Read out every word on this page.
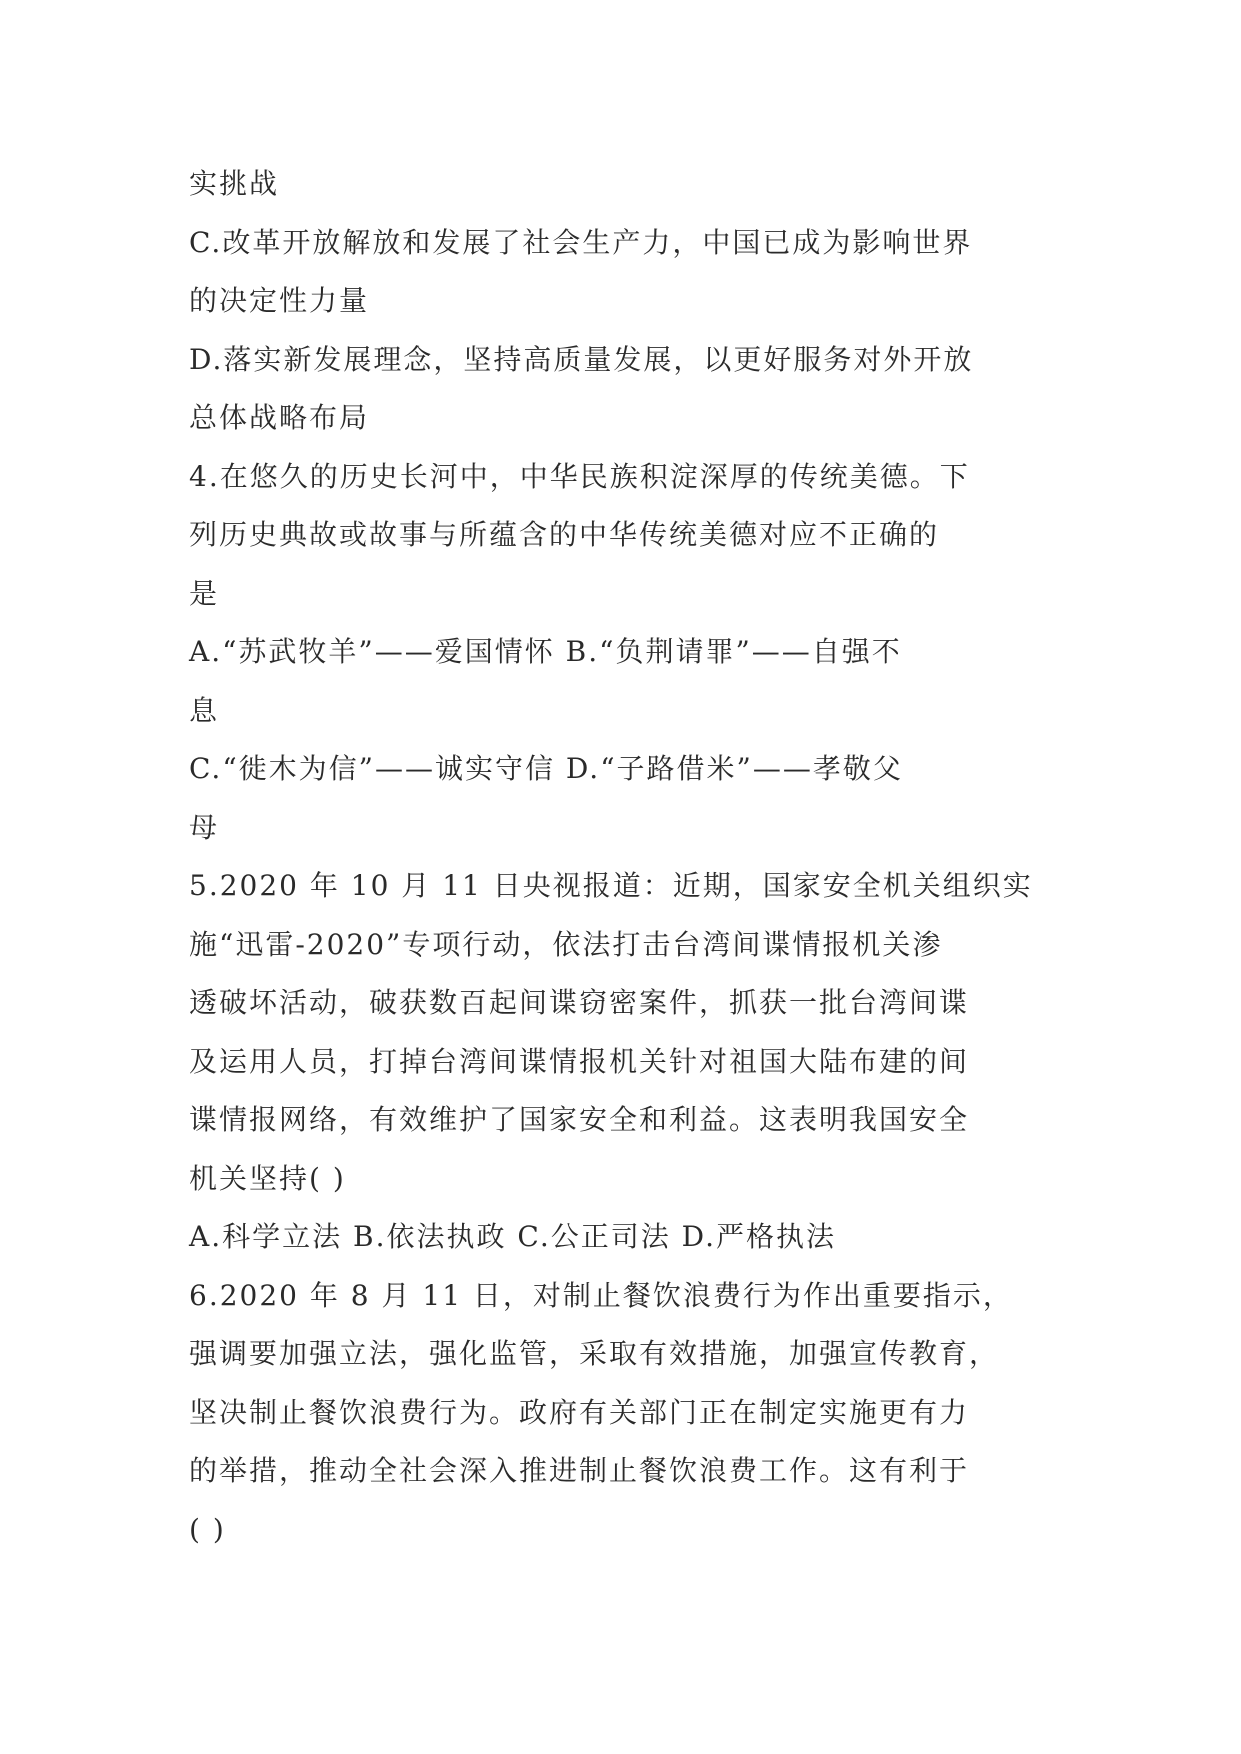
实挑战
C.改革开放解放和发展了社会生产力，中国已成为影响世界
的决定性力量
D.落实新发展理念，坚持高质量发展，以更好服务对外开放
总体战略布局
4.在悠久的历史长河中，中华民族积淀深厚的传统美德。下
列历史典故或故事与所蕴含的中华传统美德对应不正确的
是
A.“苏武牧羊”——爱国情怀 B.“负荆请罪”——自强不
息
C.“徙木为信”——诚实守信 D.“子路借米”——孝敬父
母
5.2020 年 10 月 11 日央视报道：近期，国家安全机关组织实
施“迅雷-2020”专项行动，依法打击台湾间谍情报机关渗
透破坏活动，破获数百起间谍窃密案件，抓获一批台湾间谍
及运用人员，打掉台湾间谍情报机关针对祖国大陆布建的间
谍情报网络，有效维护了国家安全和利益。这表明我国安全
机关坚持( )
A.科学立法 B.依法执政 C.公正司法 D.严格执法
6.2020 年 8 月 11 日，对制止餐饮浪费行为作出重要指示，
强调要加强立法，强化监管，采取有效措施，加强宣传教育，
坚决制止餐饮浪费行为。政府有关部门正在制定实施更有力
的举措，推动全社会深入推进制止餐饮浪费工作。这有利于
( )
